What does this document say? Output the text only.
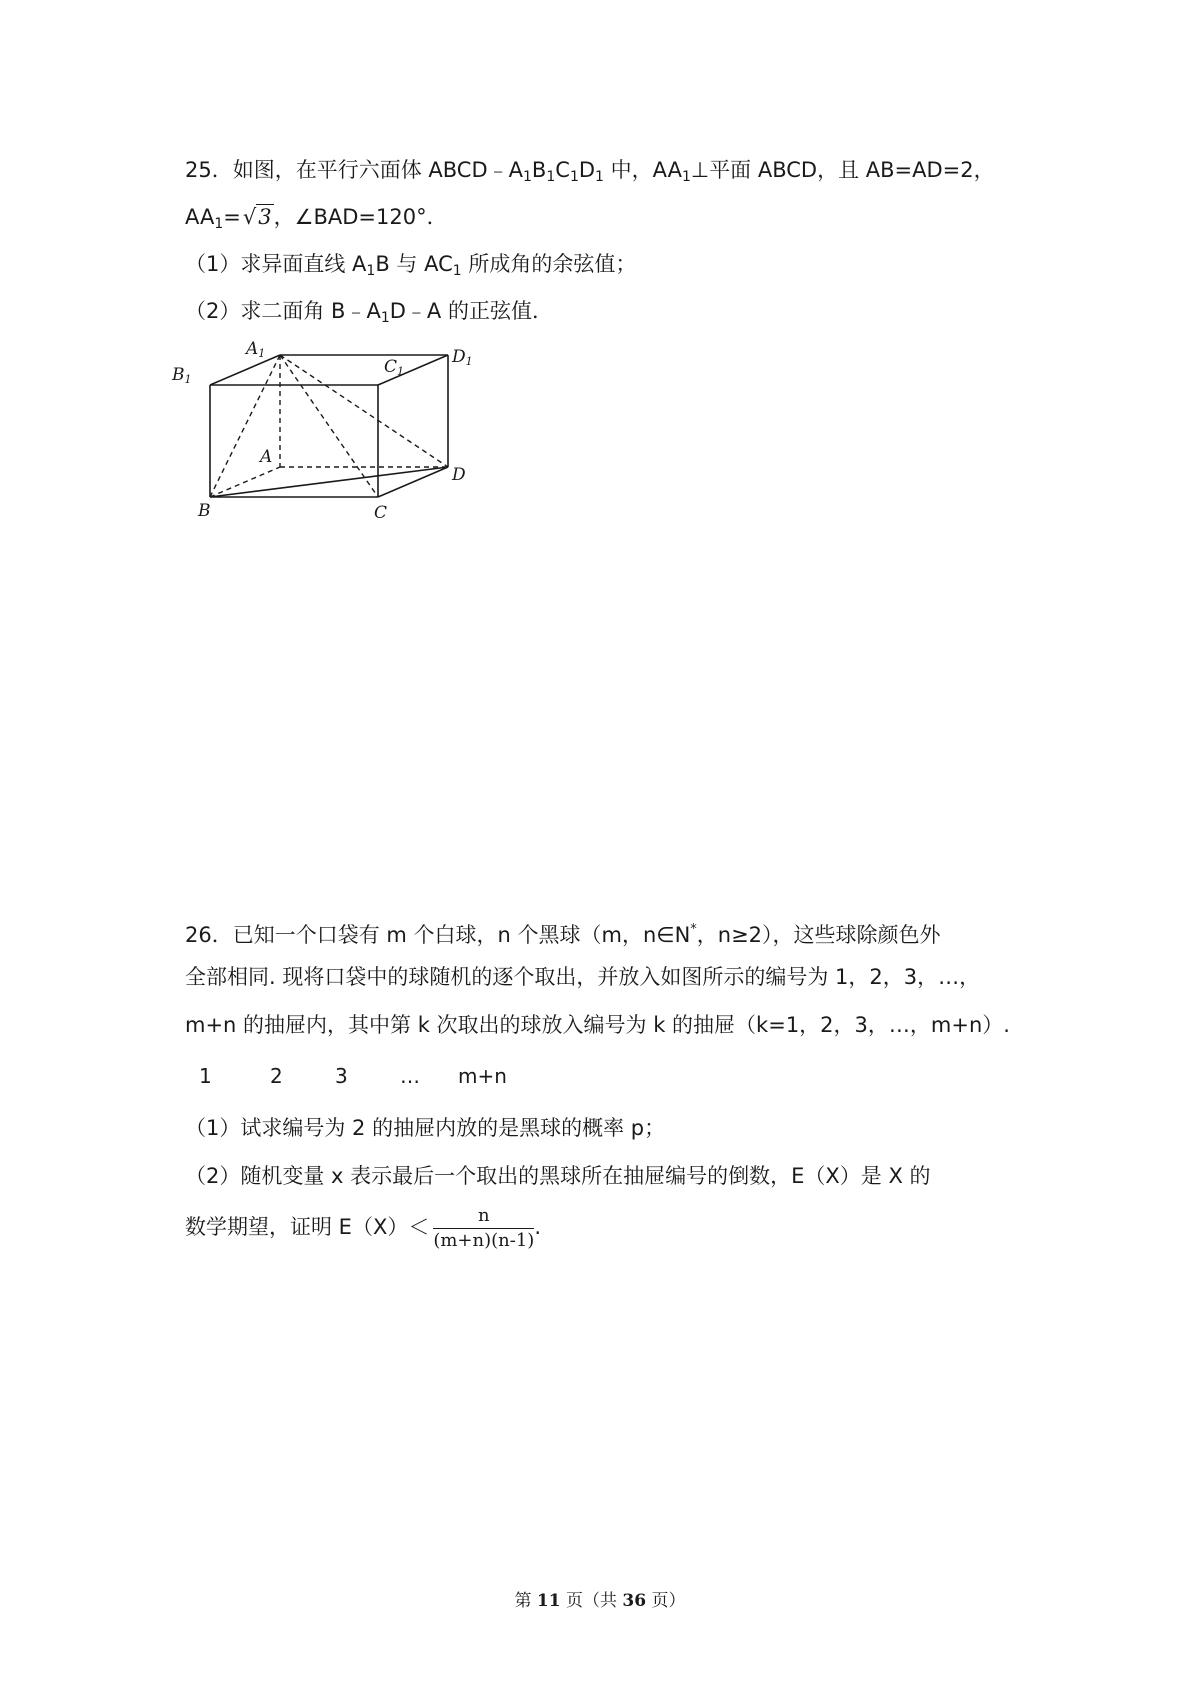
25．如图，在平行六面体 $ABCD﹣A_1B_1C_1D_1$ 中，$AA_1\perp$平面 ABCD，且 AB=AD=2，
$AA_1=√3$，∠BAD=120°．
（1）求异面直线 $A_1B$ 与 $AC_1$ 所成角的余弦值；
（2）求二面角 $B﹣A_1D﹣A$ 的正弦值．
A1
B1
C1
D1
A
B	C
D
26．已知一个口袋有 m 个白球，n 个黑球（m，n∈N*，n≥2），这些球除颜色外
全部相同. 现将口袋中的球随机的逐个取出，并放入如图所示的编号为 1，2，3，…，
m+n 的抽屉内，其中第 k 次取出的球放入编号为 k 的抽屉（k=1，2，3，…，m+n）.
1	2	3	… m+n
（1）试求编号为 2 的抽屉内放的是黑球的概率 p；
（2）随机变量 x 表示最后一个取出的黑球所在抽屉编号的倒数，E（X）是 X 的
数学期望，证明 $E(X)< \frac{n}{(m+n)(n-1)}$ .
第 11 页（共 36 页）
